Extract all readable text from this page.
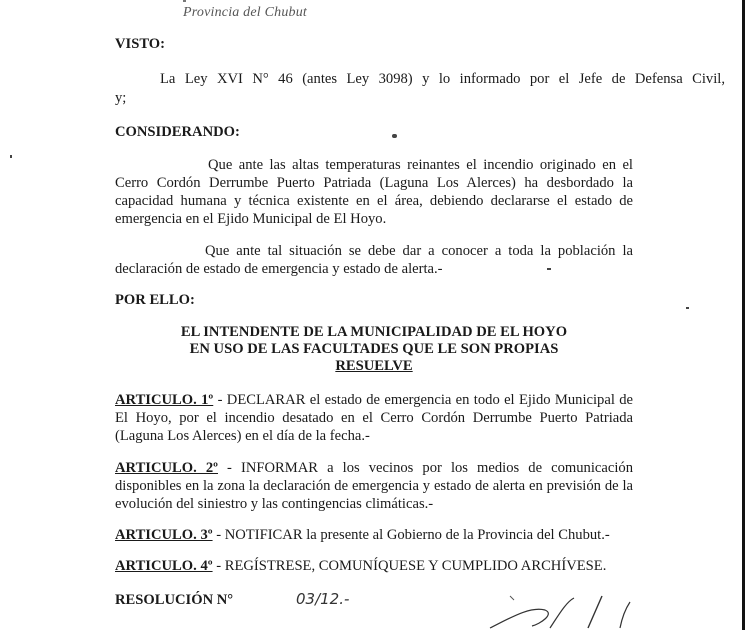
Provincia del Chubut
VISTO:
La Ley XVI N° 46 (antes Ley 3098) y lo informado por el Jefe de Defensa Civil,
y;
CONSIDERANDO:
Que ante las altas temperaturas reinantes el incendio originado en el
Cerro Cordón Derrumbe Puerto Patriada (Laguna Los Alerces) ha desbordado la
capacidad humana y técnica existente en el área, debiendo declararse el estado de
emergencia en el Ejido Municipal de El Hoyo.
Que ante tal situación se debe dar a conocer a toda la población la
declaración de estado de emergencia y estado de alerta.-
POR ELLO:
EL INTENDENTE DE LA MUNICIPALIDAD DE EL HOYO
EN USO DE LAS FACULTADES QUE LE SON PROPIAS
RESUELVE
ARTICULO. 1º - DECLARAR el estado de emergencia en todo el Ejido Municipal de
El Hoyo, por el incendio desatado en el Cerro Cordón Derrumbe Puerto Patriada
(Laguna Los Alerces) en el día de la fecha.-
ARTICULO. 2º - INFORMAR a los vecinos por los medios de comunicación
disponibles en la zona la declaración de emergencia y estado de alerta en previsión de la
evolución del siniestro y las contingencias climáticas.-
ARTICULO. 3º - NOTIFICAR la presente al Gobierno de la Provincia del Chubut.-
ARTICULO. 4º - REGÍSTRESE, COMUNÍQUESE Y CUMPLIDO ARCHÍVESE.
RESOLUCIÓN N°	03/12.-
